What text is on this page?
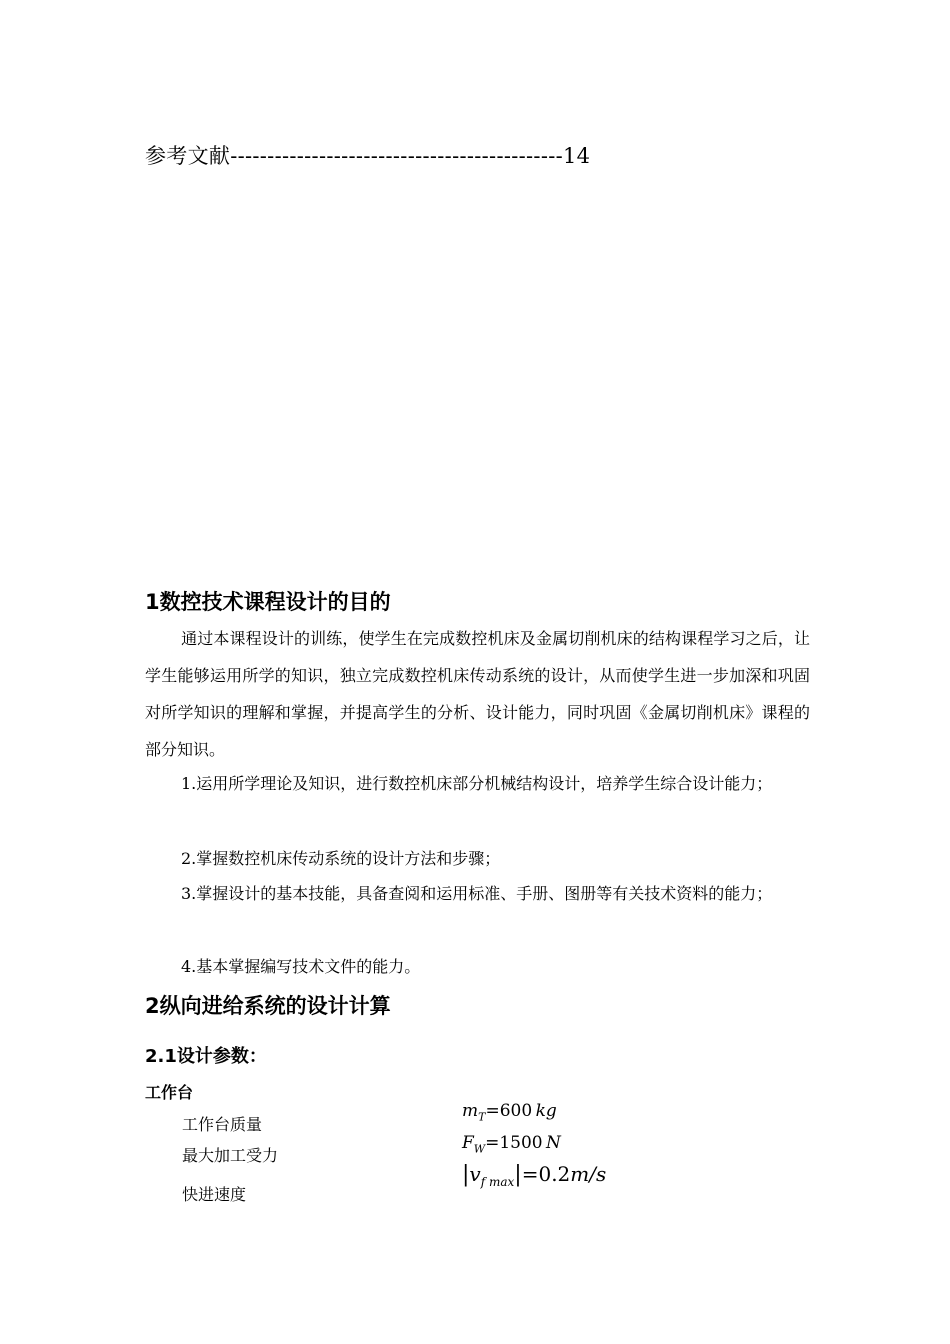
参考文献---------------------------------------------14
1数控技术课程设计的目的
通过本课程设计的训练，使学生在完成数控机床及金属切削机床的结构课程学习之后，让学生能够运用所学的知识，独立完成数控机床传动系统的设计，从而使学生进一步加深和巩固对所学知识的理解和掌握，并提高学生的分析、设计能力，同时巩固《金属切削机床》课程的部分知识。
1.运用所学理论及知识，进行数控机床部分机械结构设计，培养学生综合设计能力；
2.掌握数控机床传动系统的设计方法和步骤；
3.掌握设计的基本技能，具备查阅和运用标准、手册、图册等有关技术资料的能力；
4.基本掌握编写技术文件的能力。
2纵向进给系统的设计计算
2.1设计参数：
工作台
工作台质量
$m_T=600$  kg
最大加工受力
$F_W=1500$  N
快进速度
$|v_{f max}|=0.2m/s$
